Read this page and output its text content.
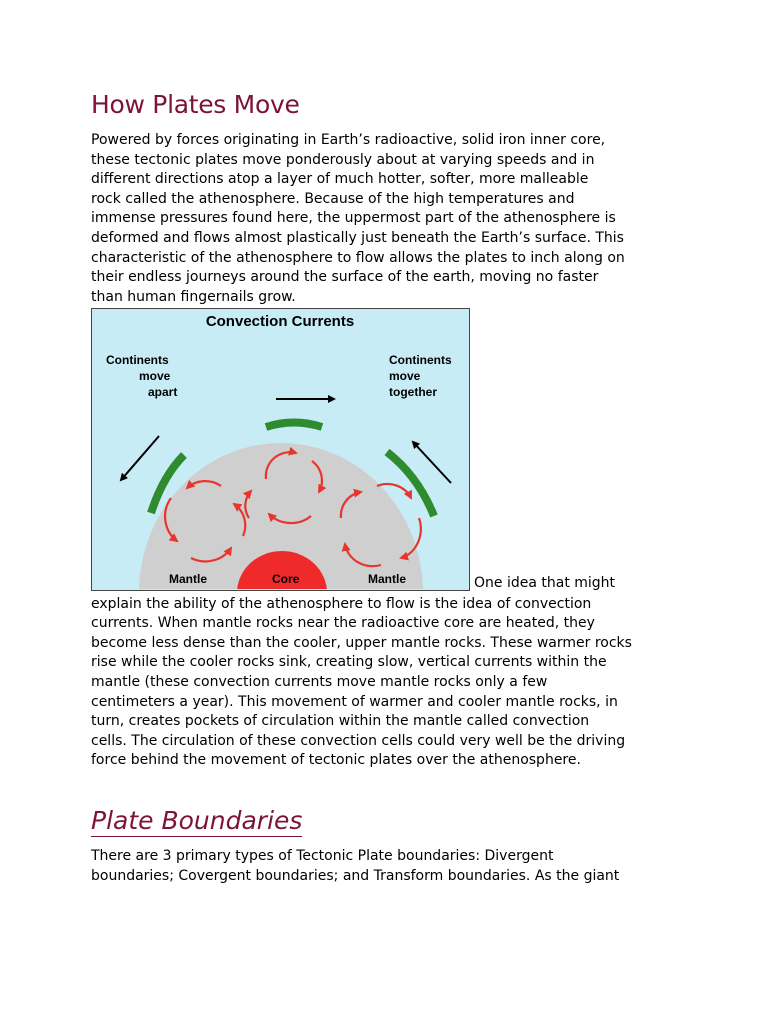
How Plates Move
Powered by forces originating in Earth’s radioactive, solid iron inner core,
these tectonic plates move ponderously about at varying speeds and in
different directions atop a layer of much hotter, softer, more malleable
rock called the athenosphere. Because of the high temperatures and
immense pressures found here, the uppermost part of the athenosphere is
deformed and flows almost plastically just beneath the Earth’s surface. This
characteristic of the athenosphere to flow allows the plates to inch along on
their endless journeys around the surface of the earth, moving no faster
than human fingernails grow.
Convection Currents
Continents
move
apart
Continents
move
together
Mantle	Core	Mantle	One idea that might
explain the ability of the athenosphere to flow is the idea of convection
currents. When mantle rocks near the radioactive core are heated, they
become less dense than the cooler, upper mantle rocks. These warmer rocks
rise while the cooler rocks sink, creating slow, vertical currents within the
mantle (these convection currents move mantle rocks only a few
centimeters a year). This movement of warmer and cooler mantle rocks, in
turn, creates pockets of circulation within the mantle called convection
cells. The circulation of these convection cells could very well be the driving
force behind the movement of tectonic plates over the athenosphere.
Plate Boundaries
There are 3 primary types of Tectonic Plate boundaries: Divergent
boundaries; Covergent boundaries; and Transform boundaries. As the giant
